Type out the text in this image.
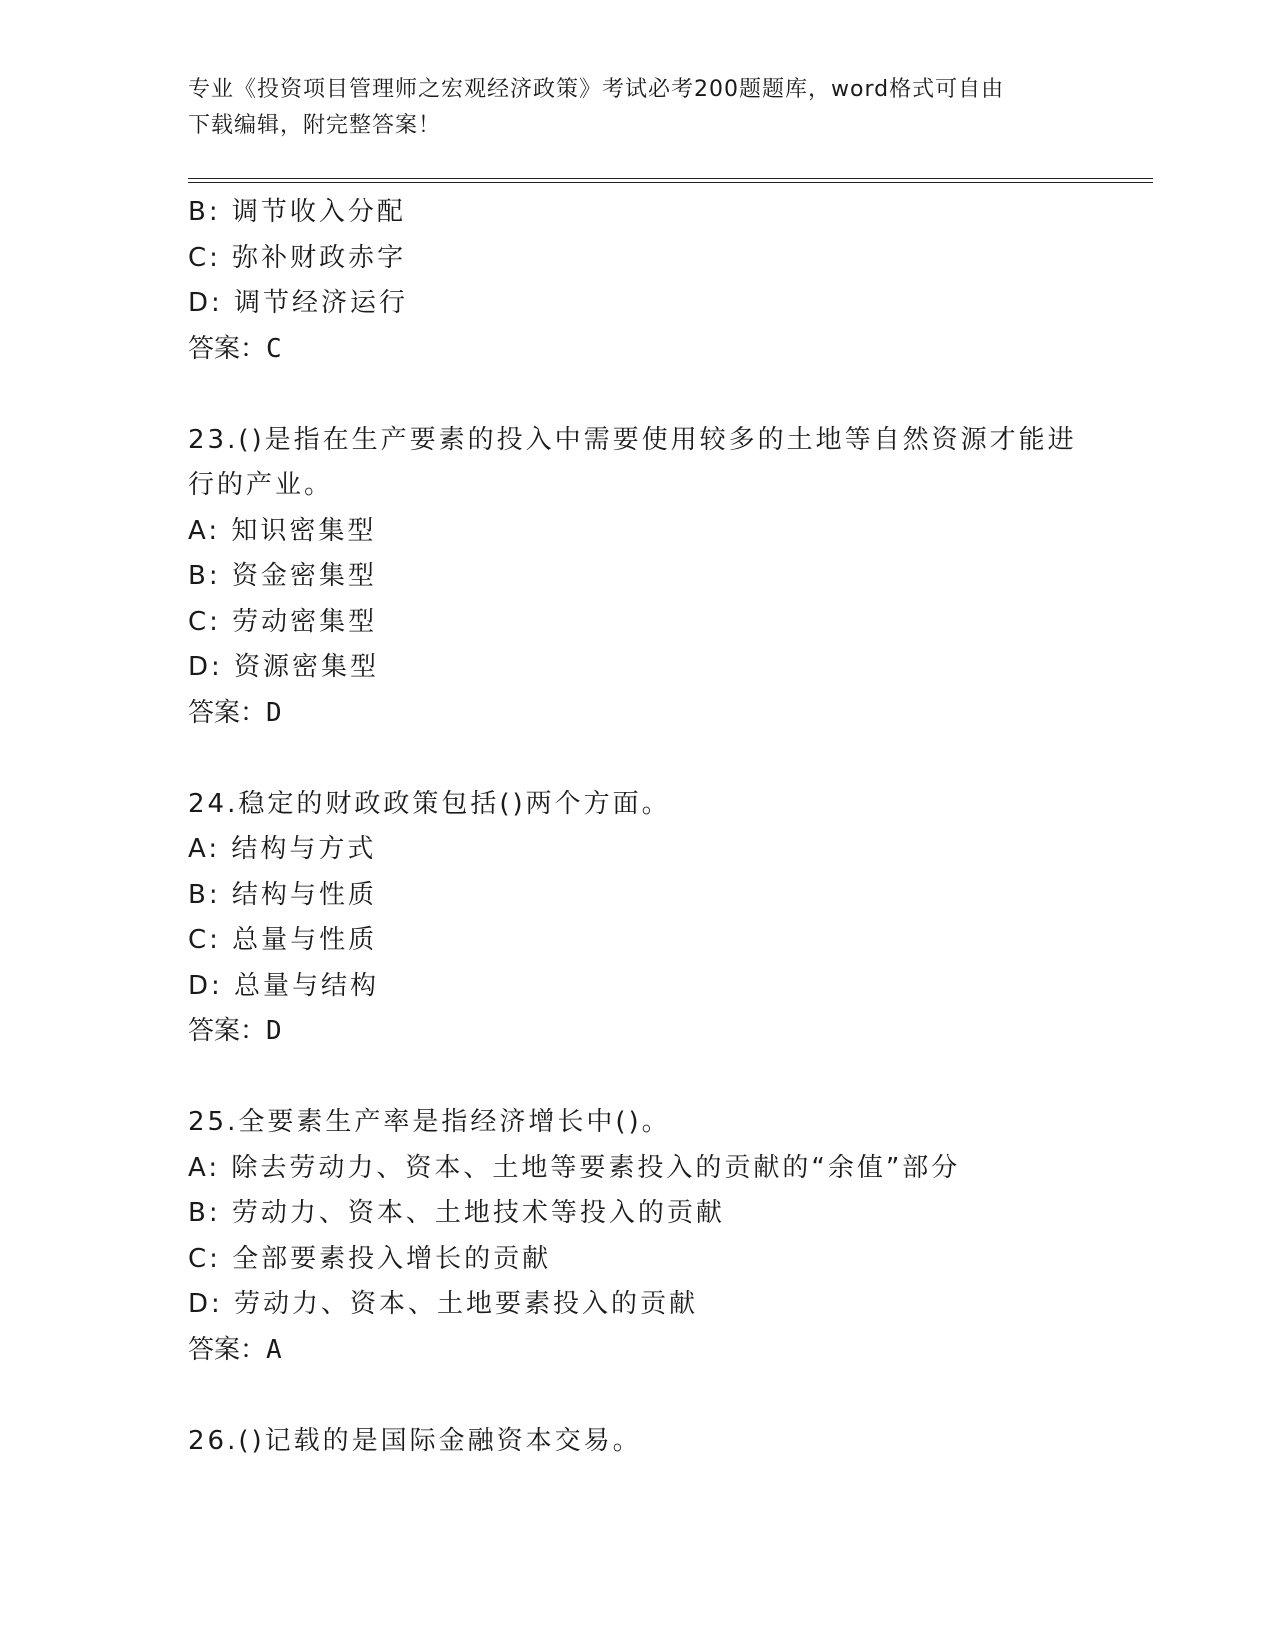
专业《投资项目管理师之宏观经济政策》考试必考200题题库，word格式可自由
下载编辑，附完整答案！
B: 调节收入分配
C: 弥补财政赤字
D: 调节经济运行
答案：C
23.()是指在生产要素的投入中需要使用较多的土地等自然资源才能进
行的产业。
A: 知识密集型
B: 资金密集型
C: 劳动密集型
D: 资源密集型
答案：D
24.稳定的财政政策包括()两个方面。
A: 结构与方式
B: 结构与性质
C: 总量与性质
D: 总量与结构
答案：D
25.全要素生产率是指经济增长中()。
A: 除去劳动力、资本、土地等要素投入的贡献的“余值”部分
B: 劳动力、资本、土地技术等投入的贡献
C: 全部要素投入增长的贡献
D: 劳动力、资本、土地要素投入的贡献
答案：A
26.()记载的是国际金融资本交易。
